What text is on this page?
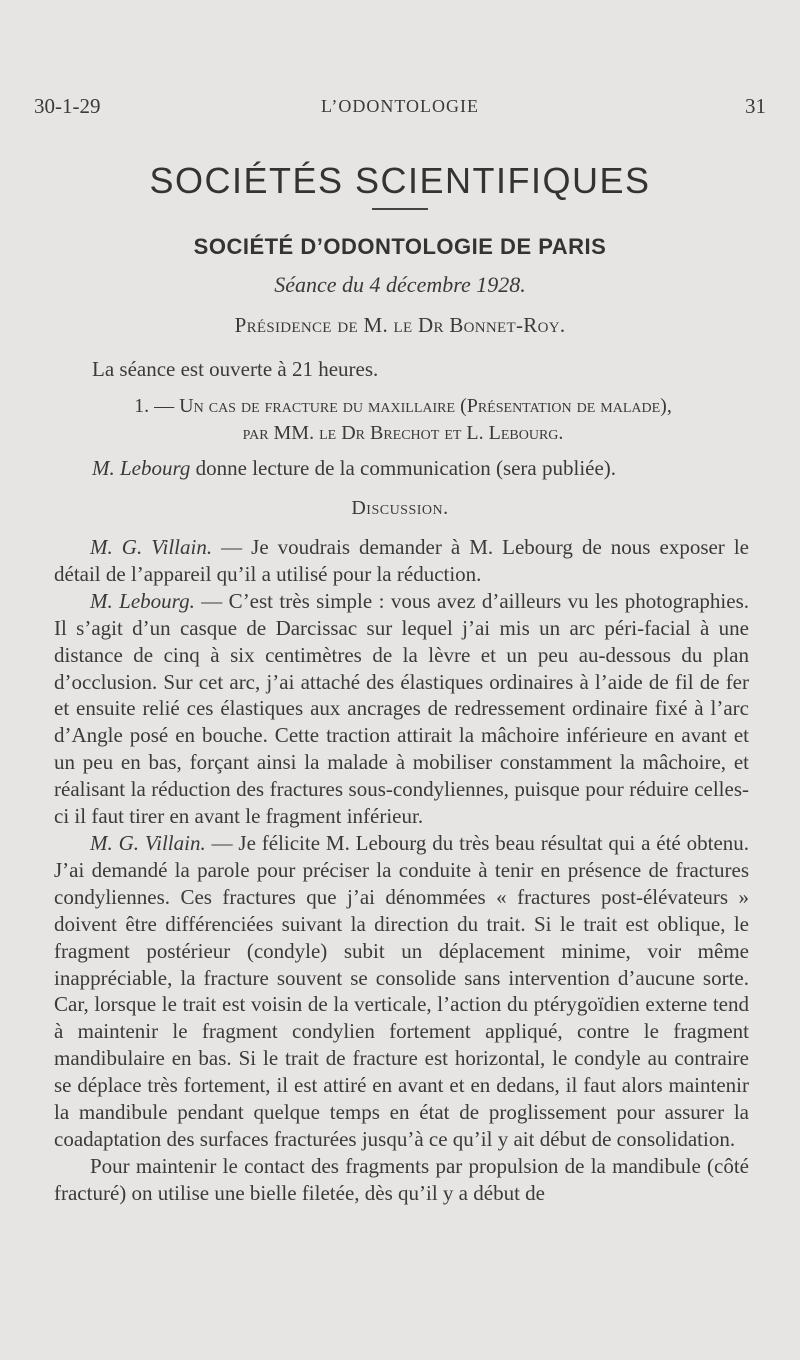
30-1-29	L’ODONTOLOGIE	31
SOCIÉTÉS SCIENTIFIQUES
SOCIÉTÉ D’ODONTOLOGIE DE PARIS
Séance du 4 décembre 1928.
Présidence de M. le Dr Bonnet-Roy.
La séance est ouverte à 21 heures.
1. — Un cas de fracture du maxillaire (Présentation de malade),
par MM. le Dr Brechot et L. Lebourg.
M. Lebourg donne lecture de la communication (sera publiée).
Discussion.

M. G. Villain. — Je voudrais demander à M. Lebourg de nous exposer le détail de l’appareil qu’il a utilisé pour la réduction.

M. Lebourg. — C’est très simple : vous avez d’ailleurs vu les photographies. Il s’agit d’un casque de Darcissac sur lequel j’ai mis un arc péri-facial à une distance de cinq à six centimètres de la lèvre et un peu au-dessous du plan d’occlusion. Sur cet arc, j’ai attaché des élastiques ordinaires à l’aide de fil de fer et ensuite relié ces élastiques aux ancrages de redressement ordinaire fixé à l’arc d’Angle posé en bouche. Cette traction attirait la mâchoire inférieure en avant et un peu en bas, forçant ainsi la malade à mobiliser constamment la mâchoire, et réalisant la réduction des fractures sous-condyliennes, puisque pour réduire celles-ci il faut tirer en avant le fragment inférieur.

M. G. Villain. — Je félicite M. Lebourg du très beau résultat qui a été obtenu. J’ai demandé la parole pour préciser la conduite à tenir en présence de fractures condyliennes. Ces fractures que j’ai dénommées « fractures post-élévateurs » doivent être différenciées suivant la direction du trait. Si le trait est oblique, le fragment postérieur (condyle) subit un déplacement minime, voir même inappréciable, la fracture souvent se consolide sans intervention d’aucune sorte. Car, lorsque le trait est voisin de la verticale, l’action du ptérygoïdien externe tend à maintenir le fragment condylien fortement appliqué, contre le fragment mandibulaire en bas. Si le trait de fracture est horizontal, le condyle au contraire se déplace très fortement, il est attiré en avant et en dedans, il faut alors maintenir la mandibule pendant quelque temps en état de proglissement pour assurer la coadaptation des surfaces fracturées jusqu’à ce qu’il y ait début de consolidation.

Pour maintenir le contact des fragments par propulsion de la mandibule (côté fracturé) on utilise une bielle filetée, dès qu’il y a début de
